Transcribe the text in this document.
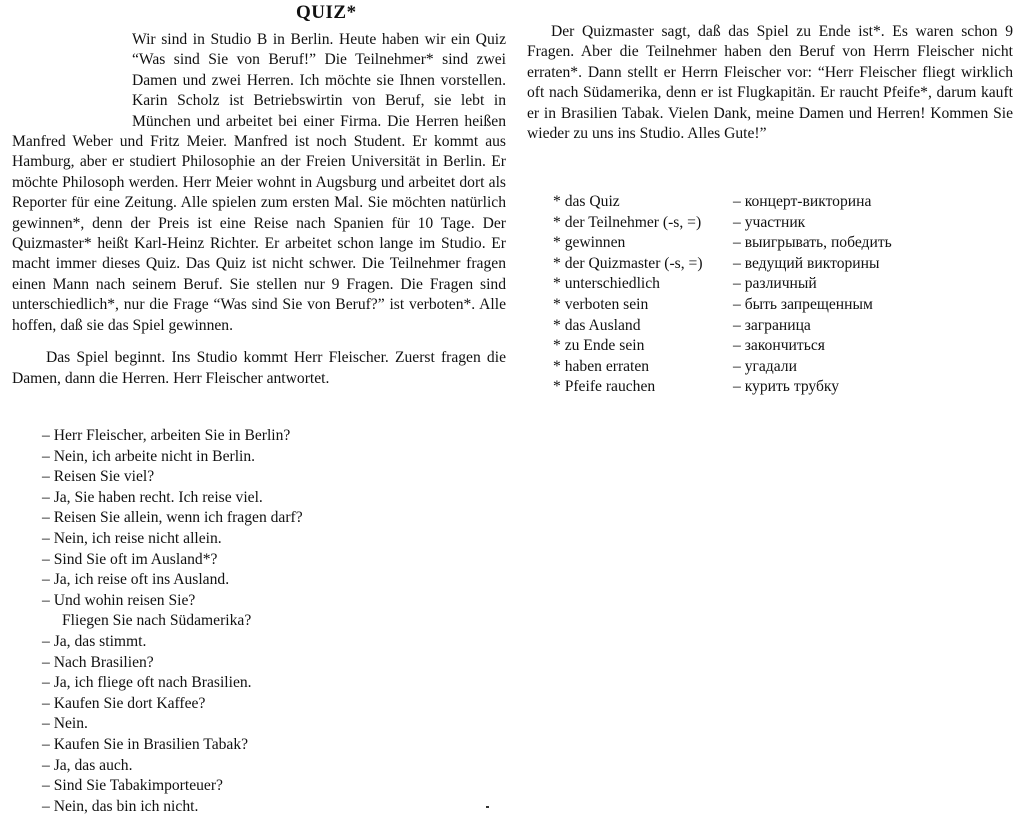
QUIZ*
Wir sind in Studio B in Berlin. Heute haben wir ein Quiz “Was sind Sie von Beruf!” Die Teilnehmer* sind zwei Damen und zwei Herren. Ich möchte sie Ihnen vorstellen. Karin Scholz ist Betriebswirtin von Beruf, sie lebt in München und arbeitet bei einer Firma. Die Herren heißen Manfred Weber und Fritz Meier. Manfred ist noch Student. Er kommt aus Hamburg, aber er studiert Philosophie an der Freien Universität in Berlin. Er möchte Philosoph werden. Herr Meier wohnt in Augsburg und arbeitet dort als Reporter für eine Zeitung. Alle spielen zum ersten Mal. Sie möchten natürlich gewinnen*, denn der Preis ist eine Reise nach Spanien für 10 Tage. Der Quizmaster* heißt Karl-Heinz Richter. Er arbeitet schon lange im Studio. Er macht immer dieses Quiz. Das Quiz ist nicht schwer. Die Teilnehmer fragen einen Mann nach seinem Beruf. Sie stellen nur 9 Fragen. Die Fragen sind unterschiedlich*, nur die Frage “Was sind Sie von Beruf?” ist verboten*. Alle hoffen, daß sie das Spiel gewinnen.
Das Spiel beginnt. Ins Studio kommt Herr Fleischer. Zuerst fragen die Damen, dann die Herren. Herr Fleischer antwortet.
– Herr Fleischer, arbeiten Sie in Berlin?
– Nein, ich arbeite nicht in Berlin.
– Reisen Sie viel?
– Ja, Sie haben recht. Ich reise viel.
– Reisen Sie allein, wenn ich fragen darf?
– Nein, ich reise nicht allein.
– Sind Sie oft im Ausland*?
– Ja, ich reise oft ins Ausland.
– Und wohin reisen Sie?
Fliegen Sie nach Südamerika?
– Ja, das stimmt.
– Nach Brasilien?
– Ja, ich fliege oft nach Brasilien.
– Kaufen Sie dort Kaffee?
– Nein.
– Kaufen Sie in Brasilien Tabak?
– Ja, das auch.
– Sind Sie Tabakimporteuer?
– Nein, das bin ich nicht.

Der Quizmaster sagt, daß das Spiel zu Ende ist*. Es waren schon 9 Fragen. Aber die Teilnehmer haben den Beruf von Herrn Fleischer nicht erraten*. Dann stellt er Herrn Fleischer vor: “Herr Fleischer fliegt wirklich oft nach Südamerika, denn er ist Flugkapitän. Er raucht Pfeife*, darum kauft er in Brasilien Tabak. Vielen Dank, meine Damen und Herren! Kommen Sie wieder zu uns ins Studio. Alles Gute!”

* das Quiz	– концерт-викторина
* der Teilnehmer (-s, =)	– участник
* gewinnen	– выигрывать, победить
* der Quizmaster (-s, =)	– ведущий викторины
* unterschiedlich	– различный
* verboten sein	– быть запрещенным
* das Ausland	– заграница
* zu Ende sein	– закончиться
* haben erraten	– угадали
* Pfeife rauchen	– курить трубку
